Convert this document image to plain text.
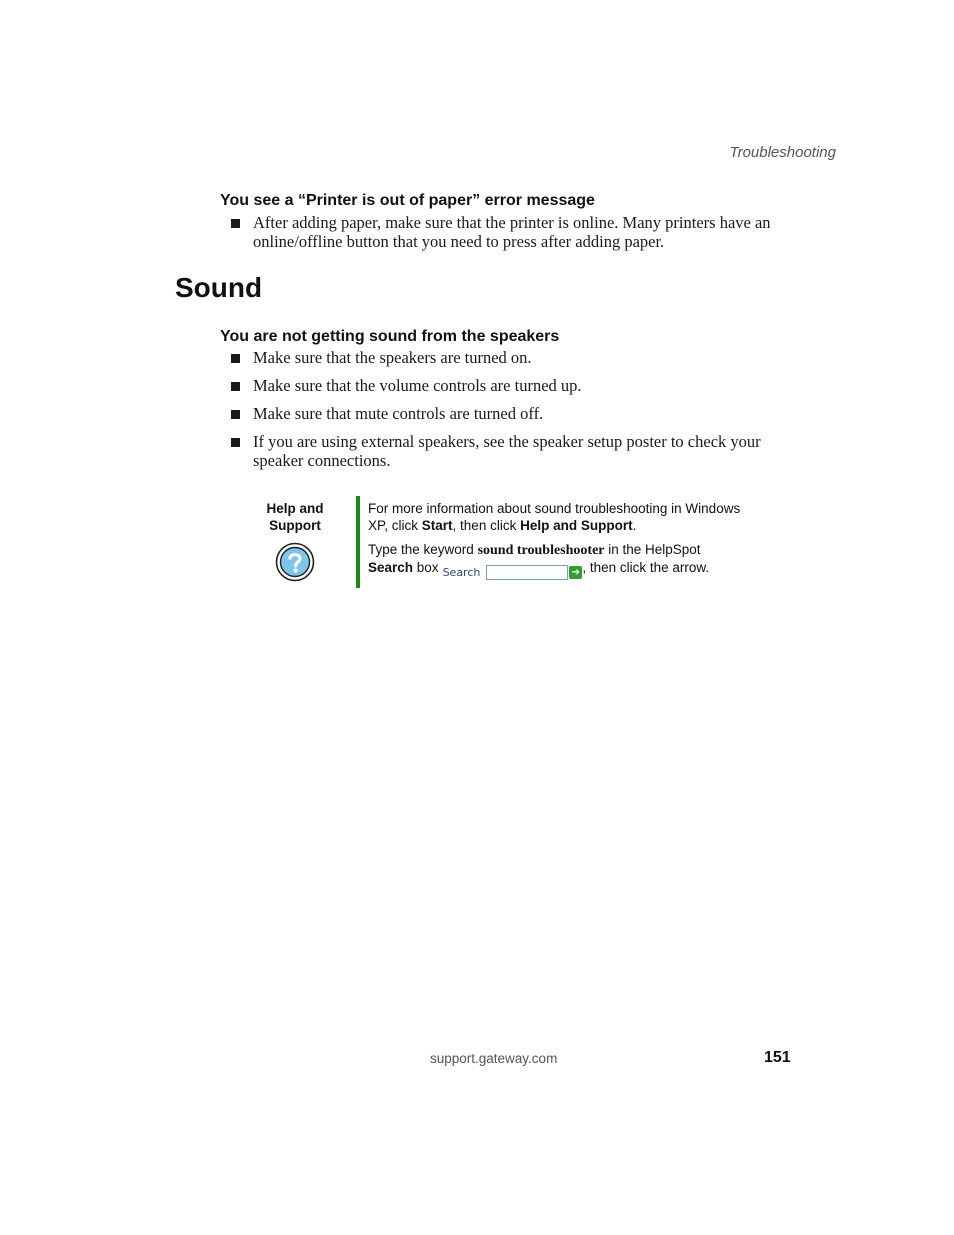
Troubleshooting
You see a “Printer is out of paper” error message
After adding paper, make sure that the printer is online. Many printers have an online/offline button that you need to press after adding paper.
Sound
You are not getting sound from the speakers
Make sure that the speakers are turned on.
Make sure that the volume controls are turned up.
Make sure that mute controls are turned off.
If you are using external speakers, see the speaker setup poster to check your speaker connections.
Help and Support

For more information about sound troubleshooting in Windows XP, click Start, then click Help and Support.

Type the keyword sound troubleshooter in the HelpSpot
Search box Search	➔ , then click the arrow.

support.gateway.com	151
